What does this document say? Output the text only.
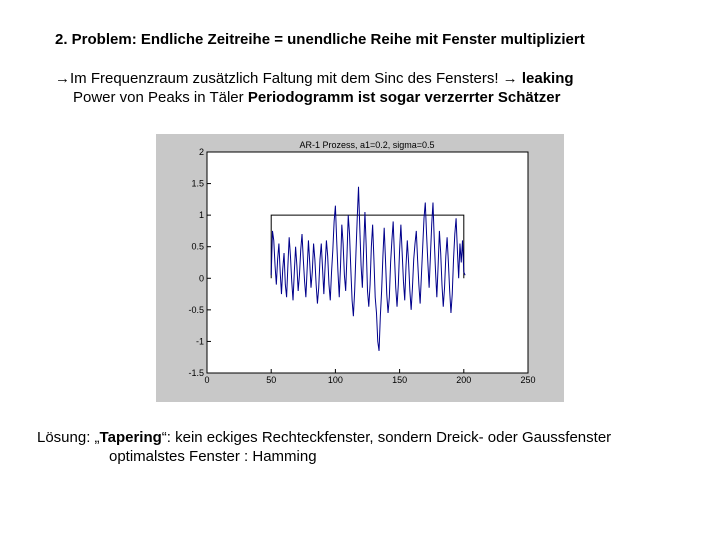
2. Problem: Endliche Zeitreihe = unendliche Reihe mit Fenster multipliziert
→Im Frequenzraum zusätzlich Faltung mit dem Sinc des Fensters! → leaking
Power von Peaks in Täler Periodogramm ist sogar verzerrter Schätzer
AR-1 Prozess, a1=0.2, sigma=0.5
2
1.5
1
0.5
0
-0.5
-1
-1.5
0	50	100	150	200	250
Lösung: „Tapering“: kein eckiges Rechteckfenster, sondern Dreick- oder Gaussfenster
optimalstes Fenster : Hamming
